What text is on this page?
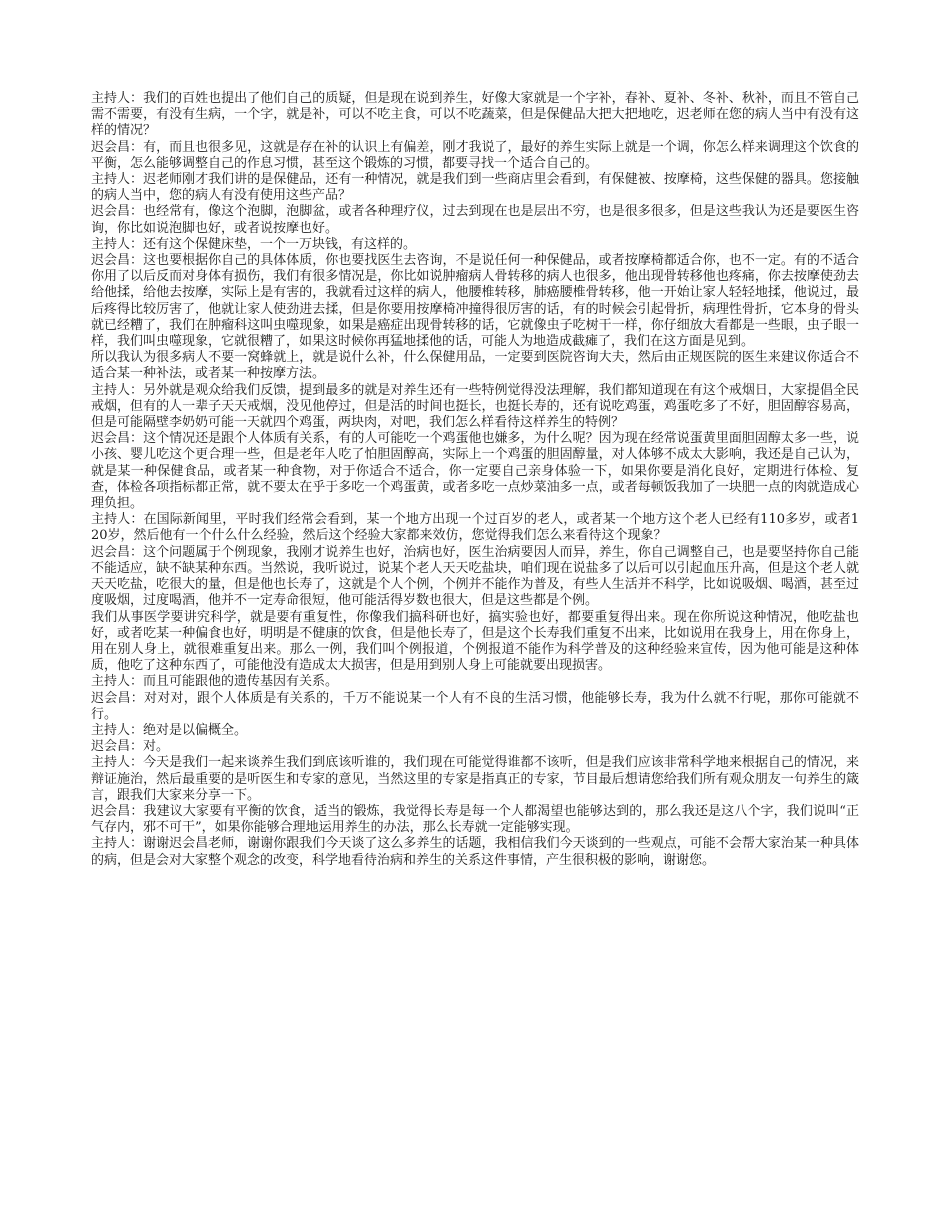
主持人：我们的百姓也提出了他们自己的质疑，但是现在说到养生，好像大家就是一个字补，春补、夏补、冬补、秋补，而且不管自己需不需要，有没有生病，一个字，就是补，可以不吃主食，可以不吃蔬菜，但是保健品大把大把地吃，迟老师在您的病人当中有没有这样的情况？

迟会昌：有，而且也很多见，这就是存在补的认识上有偏差，刚才我说了，最好的养生实际上就是一个调，你怎么样来调理这个饮食的平衡，怎么能够调整自己的作息习惯，甚至这个锻炼的习惯，都要寻找一个适合自己的。

主持人：迟老师刚才我们讲的是保健品，还有一种情况，就是我们到一些商店里会看到，有保健被、按摩椅，这些保健的器具。您接触的病人当中，您的病人有没有使用这些产品？

迟会昌：也经常有，像这个泡脚，泡脚盆，或者各种理疗仪，过去到现在也是层出不穷，也是很多很多，但是这些我认为还是要医生咨询，你比如说泡脚也好，或者说按摩也好。

主持人：还有这个保健床垫，一个一万块钱，有这样的。

迟会昌：这也要根据你自己的具体体质，你也要找医生去咨询，不是说任何一种保健品，或者按摩椅都适合你，也不一定。有的不适合你用了以后反而对身体有损伤，我们有很多情况是，你比如说肿瘤病人骨转移的病人也很多，他出现骨转移他也疼痛，你去按摩使劲去给他揉，给他去按摩，实际上是有害的，我就看过这样的病人，他腰椎转移，肺癌腰椎骨转移，他一开始让家人轻轻地揉，他说过，最后疼得比较厉害了，他就让家人使劲进去揉，但是你要用按摩椅冲撞得很厉害的话，有的时候会引起骨折，病理性骨折，它本身的骨头就已经糟了，我们在肿瘤科这叫虫噬现象，如果是癌症出现骨转移的话，它就像虫子吃树干一样，你仔细放大看都是一些眼，虫子眼一样，我们叫虫噬现象，它就很糟了，如果这时候你再猛地揉他的话，可能人为地造成截瘫了，我们在这方面是见到。

所以我认为很多病人不要一窝蜂就上，就是说什么补，什么保健用品，一定要到医院咨询大夫，然后由正规医院的医生来建议你适合不适合某一种补法，或者某一种按摩方法。

主持人：另外就是观众给我们反馈，提到最多的就是对养生还有一些特例觉得没法理解，我们都知道现在有这个戒烟日，大家提倡全民戒烟，但有的人一辈子天天戒烟，没见他停过，但是活的时间也挺长，也挺长寿的，还有说吃鸡蛋，鸡蛋吃多了不好，胆固醇容易高，但是可能隔壁李奶奶可能一天就四个鸡蛋，两块肉，对吧，我们怎么样看待这样养生的特例？

迟会昌：这个情况还是跟个人体质有关系，有的人可能吃一个鸡蛋他也嫌多，为什么呢？因为现在经常说蛋黄里面胆固醇太多一些，说小孩、婴儿吃这个更合理一些，但是老年人吃了怕胆固醇高，实际上一个鸡蛋的胆固醇量，对人体够不成太大影响，我还是自己认为，就是某一种保健食品，或者某一种食物，对于你适合不适合，你一定要自己亲身体验一下，如果你要是消化良好，定期进行体检、复查，体检各项指标都正常，就不要太在乎于多吃一个鸡蛋黄，或者多吃一点炒菜油多一点，或者每顿饭我加了一块肥一点的肉就造成心理负担。

主持人：在国际新闻里，平时我们经常会看到，某一个地方出现一个过百岁的老人，或者某一个地方这个老人已经有110多岁，或者120岁，然后他有一个什么什么经验，然后这个经验大家都来效仿，您觉得我们怎么来看待这个现象？

迟会昌：这个问题属于个例现象，我刚才说养生也好，治病也好，医生治病要因人而异，养生，你自己调整自己，也是要坚持你自己能不能适应，缺不缺某种东西。当然说，我听说过，说某个老人天天吃盐块，咱们现在说盐多了以后可以引起血压升高，但是这个老人就天天吃盐，吃很大的量，但是他也长寿了，这就是个人个例，个例并不能作为普及，有些人生活并不科学，比如说吸烟、喝酒，甚至过度吸烟，过度喝酒，他并不一定寿命很短，他可能活得岁数也很大，但是这些都是个例。

我们从事医学要讲究科学，就是要有重复性，你像我们搞科研也好，搞实验也好，都要重复得出来。现在你所说这种情况，他吃盐也好，或者吃某一种偏食也好，明明是不健康的饮食，但是他长寿了，但是这个长寿我们重复不出来，比如说用在我身上，用在你身上，用在别人身上，就很难重复出来。那么一例，我们叫个例报道，个例报道不能作为科学普及的这种经验来宣传，因为他可能是这种体质，他吃了这种东西了，可能他没有造成太大损害，但是用到别人身上可能就要出现损害。

主持人：而且可能跟他的遗传基因有关系。

迟会昌：对对对，跟个人体质是有关系的，千万不能说某一个人有不良的生活习惯，他能够长寿，我为什么就不行呢，那你可能就不行。

主持人：绝对是以偏概全。

迟会昌：对。

主持人：今天是我们一起来谈养生我们到底该听谁的，我们现在可能觉得谁都不该听，但是我们应该非常科学地来根据自己的情况，来辩证施治，然后最重要的是听医生和专家的意见，当然这里的专家是指真正的专家，节目最后想请您给我们所有观众朋友一句养生的箴言，跟我们大家来分享一下。

迟会昌：我建议大家要有平衡的饮食，适当的锻炼，我觉得长寿是每一个人都渴望也能够达到的，那么我还是这八个字，我们说叫“正气存内，邪不可干”，如果你能够合理地运用养生的办法，那么长寿就一定能够实现。

主持人：谢谢迟会昌老师，谢谢你跟我们今天谈了这么多养生的话题，我相信我们今天谈到的一些观点，可能不会帮大家治某一种具体的病，但是会对大家整个观念的改变，科学地看待治病和养生的关系这件事情，产生很积极的影响，谢谢您。
